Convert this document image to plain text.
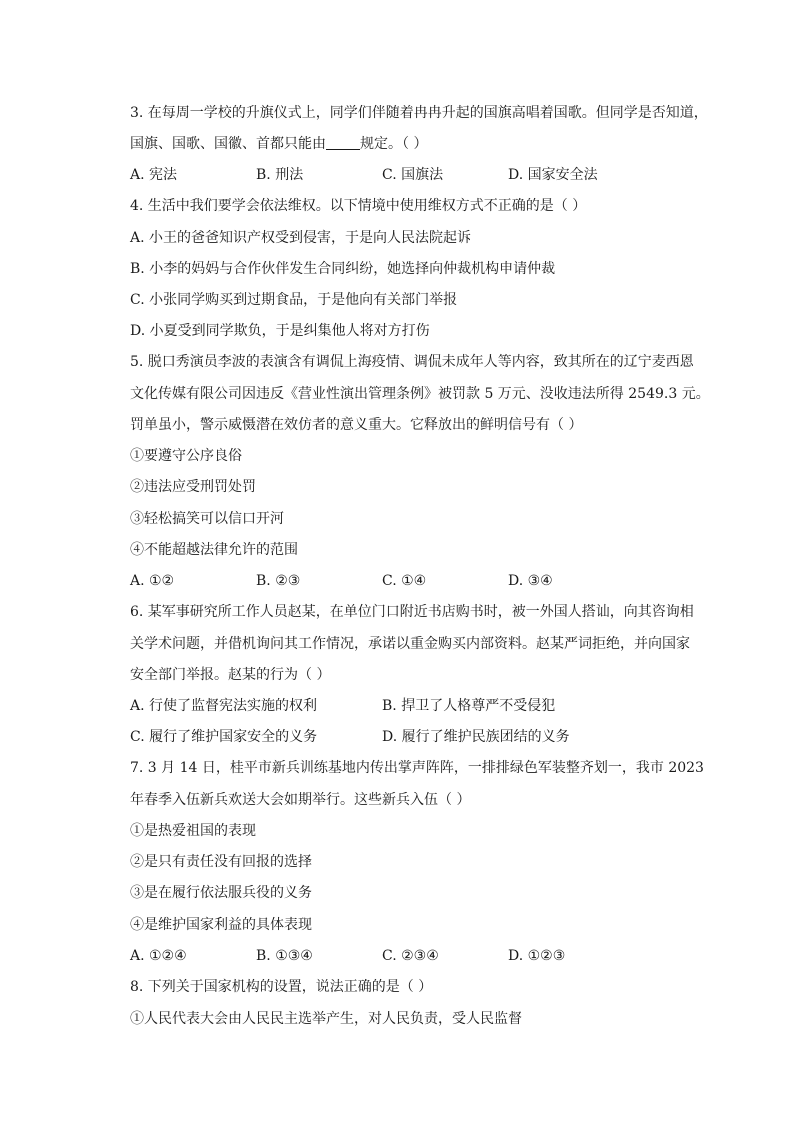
3. 在每周一学校的升旗仪式上，同学们伴随着冉冉升起的国旗高唱着国歌。但同学是否知道，
国旗、国歌、国徽、首都只能由 规定。（ ）
A. 宪法	B. 刑法	C. 国旗法	D. 国家安全法
4. 生活中我们要学会依法维权。以下情境中使用维权方式不正确的是（ ）
A. 小王的爸爸知识产权受到侵害，于是向人民法院起诉
B. 小李的妈妈与合作伙伴发生合同纠纷，她选择向仲裁机构申请仲裁
C. 小张同学购买到过期食品，于是他向有关部门举报
D. 小夏受到同学欺负，于是纠集他人将对方打伤
5. 脱口秀演员李波的表演含有调侃上海疫情、调侃未成年人等内容，致其所在的辽宁麦西恩
文化传媒有限公司因违反《营业性演出管理条例》被罚款 5 万元、没收违法所得 2549.3 元。
罚单虽小，警示威慑潜在效仿者的意义重大。它释放出的鲜明信号有（ ）
①要遵守公序良俗
②违法应受刑罚处罚
③轻松搞笑可以信口开河
④不能超越法律允许的范围
A. ①②	B. ②③	C. ①④	D. ③④
6. 某军事研究所工作人员赵某，在单位门口附近书店购书时，被一外国人搭讪，向其咨询相
关学术问题，并借机询问其工作情况，承诺以重金购买内部资料。赵某严词拒绝，并向国家
安全部门举报。赵某的行为（ ）
A. 行使了监督宪法实施的权利	B. 捍卫了人格尊严不受侵犯
C. 履行了维护国家安全的义务	D. 履行了维护民族团结的义务
7. 3 月 14 日，桂平市新兵训练基地内传出掌声阵阵，一排排绿色军装整齐划一，我市 2023
年春季入伍新兵欢送大会如期举行。这些新兵入伍（ ）
①是热爱祖国的表现
②是只有责任没有回报的选择
③是在履行依法服兵役的义务
④是维护国家利益的具体表现
A. ①②④	B. ①③④	C. ②③④	D. ①②③
8. 下列关于国家机构的设置，说法正确的是（ ）
①人民代表大会由人民民主选举产生，对人民负责，受人民监督
